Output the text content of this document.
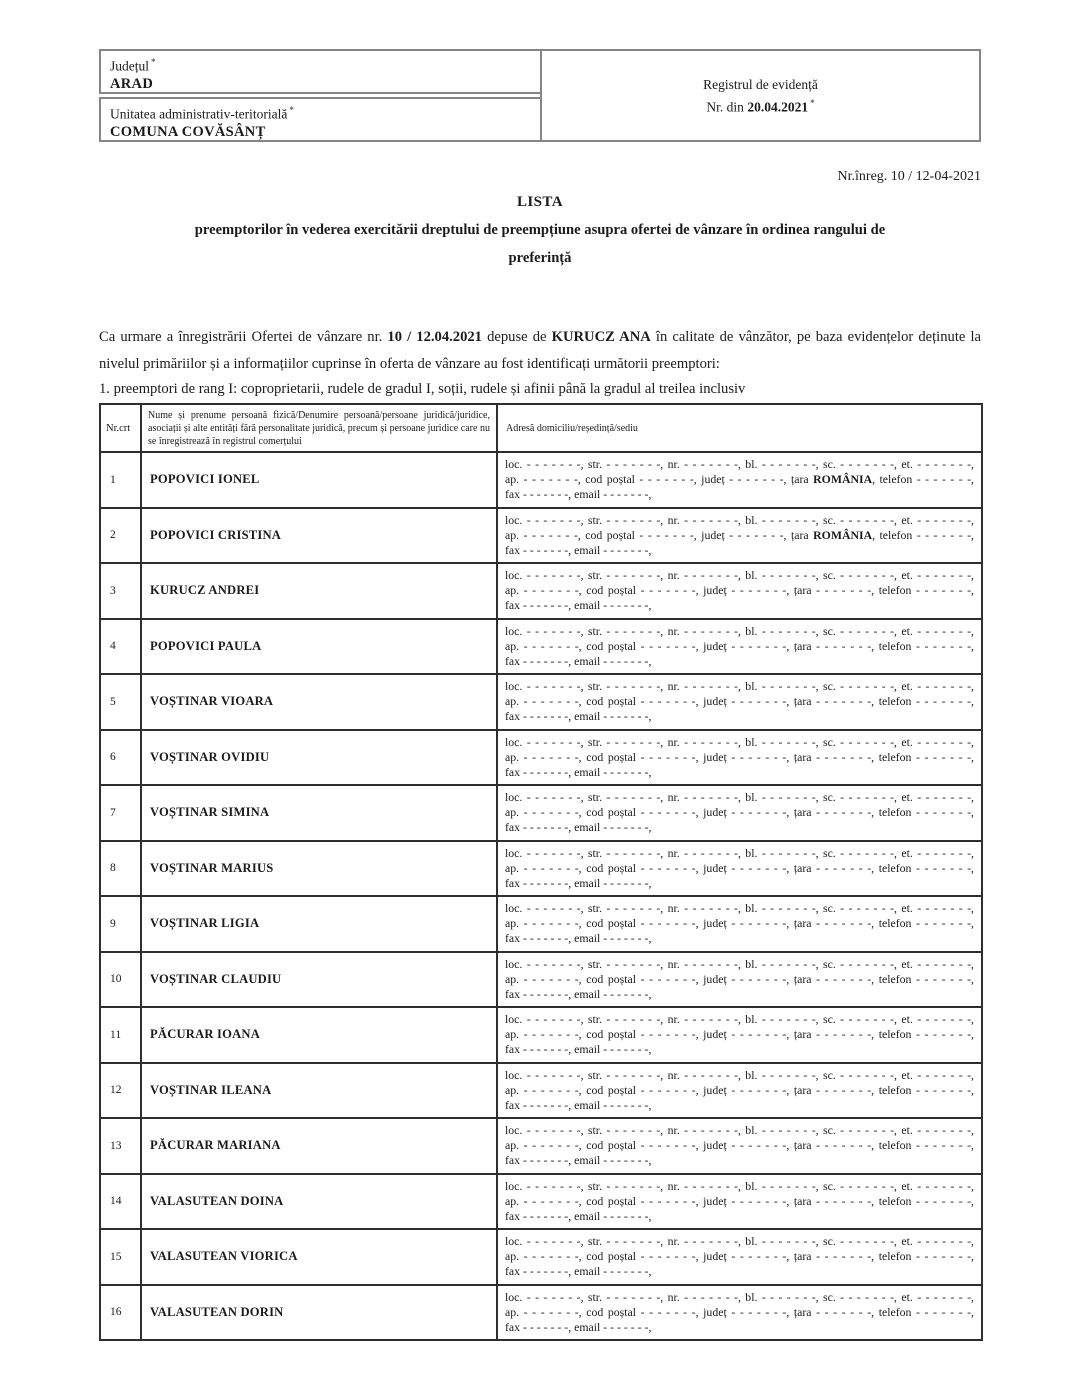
Județul *
ARAD
Unitatea administrativ-teritorială *
COMUNA COVĂSÂNȚ
Registrul de evidență
Nr. din 20.04.2021 *
Nr.înreg. 10 / 12-04-2021
LISTA
preemptorilor în vederea exercitării dreptului de preempțiune asupra ofertei de vânzare în ordinea rangului de
preferință

Ca urmare a înregistrării Ofertei de vânzare nr. 10 / 12.04.2021 depuse de KURUCZ ANA în calitate de vânzător, pe baza evidențelor deținute la nivelul primăriilor și a informațiilor cuprinse în oferta de vânzare au fost identificați următorii preemptori:

1. preemptori de rang I: coproprietarii, rudele de gradul I, soții, rudele și afinii până la gradul al treilea inclusiv

Nr.crt	Nume și prenume persoană fizică/Denumire persoană/persoane juridică/juridice, asociații și alte entități fără personalitate juridică, precum și persoane juridice care nu se înregistrează în registrul comerțului	Adresă domiciliu/reședință/sediu
1	POPOVICI IONEL	loc. - - - - - - -, str. - - - - - - -, nr. - - - - - - -, bl. - - - - - - -, sc. - - - - - - -, et. - - - - - - -,
ap. - - - - - - -, cod poștal - - - - - - -, județ - - - - - - -, țara ROMÂNIA, telefon - - - - - - -,
fax - - - - - - -, email - - - - - - -,

2	POPOVICI CRISTINA	loc. - - - - - - -, str. - - - - - - -, nr. - - - - - - -, bl. - - - - - - -, sc. - - - - - - -, et. - - - - - - -,
ap. - - - - - - -, cod poștal - - - - - - -, județ - - - - - - -, țara ROMÂNIA, telefon - - - - - - -,
fax - - - - - - -, email - - - - - - -,

3	KURUCZ ANDREI	loc. - - - - - - -, str. - - - - - - -, nr. - - - - - - -, bl. - - - - - - -, sc. - - - - - - -, et. - - - - - - -,
ap. - - - - - - -, cod poștal - - - - - - -, județ - - - - - - -, țara - - - - - - -, telefon - - - - - - -,
fax - - - - - - -, email - - - - - - -,

4	POPOVICI PAULA	loc. - - - - - - -, str. - - - - - - -, nr. - - - - - - -, bl. - - - - - - -, sc. - - - - - - -, et. - - - - - - -,
ap. - - - - - - -, cod poștal - - - - - - -, județ - - - - - - -, țara - - - - - - -, telefon - - - - - - -,
fax - - - - - - -, email - - - - - - -,

5	VOȘTINAR VIOARA	loc. - - - - - - -, str. - - - - - - -, nr. - - - - - - -, bl. - - - - - - -, sc. - - - - - - -, et. - - - - - - -,
ap. - - - - - - -, cod poștal - - - - - - -, județ - - - - - - -, țara - - - - - - -, telefon - - - - - - -,
fax - - - - - - -, email - - - - - - -,

6	VOȘTINAR OVIDIU	loc. - - - - - - -, str. - - - - - - -, nr. - - - - - - -, bl. - - - - - - -, sc. - - - - - - -, et. - - - - - - -,
ap. - - - - - - -, cod poștal - - - - - - -, județ - - - - - - -, țara - - - - - - -, telefon - - - - - - -,
fax - - - - - - -, email - - - - - - -,

7	VOȘTINAR SIMINA	loc. - - - - - - -, str. - - - - - - -, nr. - - - - - - -, bl. - - - - - - -, sc. - - - - - - -, et. - - - - - - -,
ap. - - - - - - -, cod poștal - - - - - - -, județ - - - - - - -, țara - - - - - - -, telefon - - - - - - -,
fax - - - - - - -, email - - - - - - -,

8	VOȘTINAR MARIUS	loc. - - - - - - -, str. - - - - - - -, nr. - - - - - - -, bl. - - - - - - -, sc. - - - - - - -, et. - - - - - - -,
ap. - - - - - - -, cod poștal - - - - - - -, județ - - - - - - -, țara - - - - - - -, telefon - - - - - - -,
fax - - - - - - -, email - - - - - - -,

9	VOȘTINAR LIGIA	loc. - - - - - - -, str. - - - - - - -, nr. - - - - - - -, bl. - - - - - - -, sc. - - - - - - -, et. - - - - - - -,
ap. - - - - - - -, cod poștal - - - - - - -, județ - - - - - - -, țara - - - - - - -, telefon - - - - - - -,
fax - - - - - - -, email - - - - - - -,

10	VOȘTINAR CLAUDIU	loc. - - - - - - -, str. - - - - - - -, nr. - - - - - - -, bl. - - - - - - -, sc. - - - - - - -, et. - - - - - - -,
ap. - - - - - - -, cod poștal - - - - - - -, județ - - - - - - -, țara - - - - - - -, telefon - - - - - - -,
fax - - - - - - -, email - - - - - - -,

11	PĂCURAR IOANA	loc. - - - - - - -, str. - - - - - - -, nr. - - - - - - -, bl. - - - - - - -, sc. - - - - - - -, et. - - - - - - -,
ap. - - - - - - -, cod poștal - - - - - - -, județ - - - - - - -, țara - - - - - - -, telefon - - - - - - -,
fax - - - - - - -, email - - - - - - -,

12	VOȘTINAR ILEANA	loc. - - - - - - -, str. - - - - - - -, nr. - - - - - - -, bl. - - - - - - -, sc. - - - - - - -, et. - - - - - - -,
ap. - - - - - - -, cod poștal - - - - - - -, județ - - - - - - -, țara - - - - - - -, telefon - - - - - - -,
fax - - - - - - -, email - - - - - - -,

13	PĂCURAR MARIANA	loc. - - - - - - -, str. - - - - - - -, nr. - - - - - - -, bl. - - - - - - -, sc. - - - - - - -, et. - - - - - - -,
ap. - - - - - - -, cod poștal - - - - - - -, județ - - - - - - -, țara - - - - - - -, telefon - - - - - - -,
fax - - - - - - -, email - - - - - - -,

14	VALASUTEAN DOINA	loc. - - - - - - -, str. - - - - - - -, nr. - - - - - - -, bl. - - - - - - -, sc. - - - - - - -, et. - - - - - - -,
ap. - - - - - - -, cod poștal - - - - - - -, județ - - - - - - -, țara - - - - - - -, telefon - - - - - - -,
fax - - - - - - -, email - - - - - - -,

15	VALASUTEAN VIORICA	loc. - - - - - - -, str. - - - - - - -, nr. - - - - - - -, bl. - - - - - - -, sc. - - - - - - -, et. - - - - - - -,
ap. - - - - - - -, cod poștal - - - - - - -, județ - - - - - - -, țara - - - - - - -, telefon - - - - - - -,
fax - - - - - - -, email - - - - - - -,

16	VALASUTEAN DORIN	loc. - - - - - - -, str. - - - - - - -, nr. - - - - - - -, bl. - - - - - - -, sc. - - - - - - -, et. - - - - - - -,
ap. - - - - - - -, cod poștal - - - - - - -, județ - - - - - - -, țara - - - - - - -, telefon - - - - - - -,
fax - - - - - - -, email - - - - - - -,
